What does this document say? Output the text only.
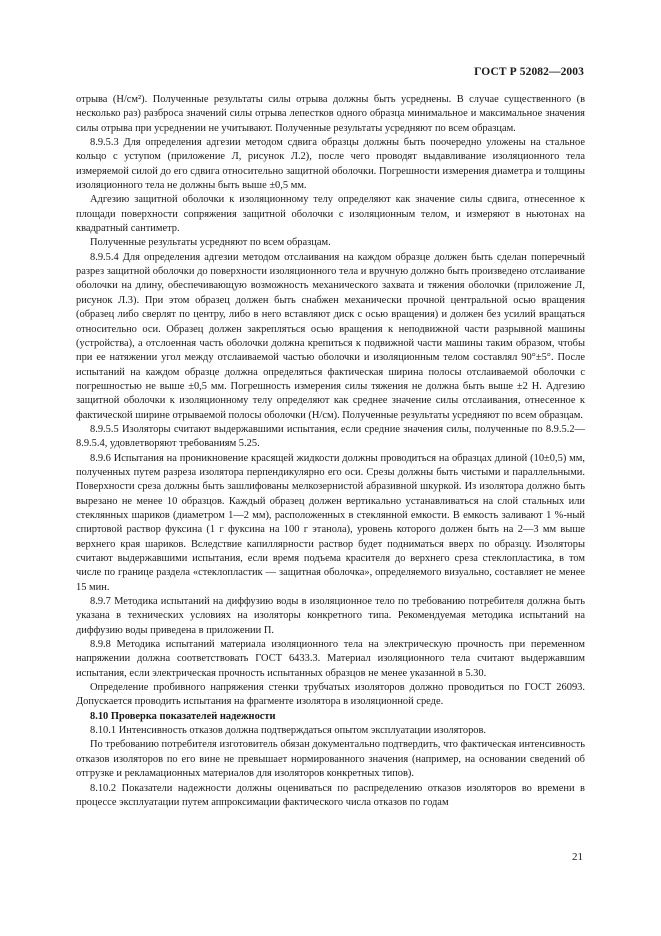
ГОСТ Р 52082—2003

отрыва (Н/см²). Полученные результаты силы отрыва должны быть усреднены. В случае существенного (в несколько раз) разброса значений силы отрыва лепестков одного образца минимальное и максимальное значения силы отрыва при усреднении не учитывают. Полученные результаты усредняют по всем образцам.

8.9.5.3 Для определения адгезии методом сдвига образцы должны быть поочередно уложены на стальное кольцо с уступом (приложение Л, рисунок Л.2), после чего проводят выдавливание изоляционного тела измеряемой силой до его сдвига относительно защитной оболочки. Погрешности измерения диаметра и толщины изоляционного тела не должны быть выше ±0,5 мм.

Адгезию защитной оболочки к изоляционному телу определяют как значение силы сдвига, отнесенное к площади поверхности сопряжения защитной оболочки с изоляционным телом, и измеряют в ньютонах на квадратный сантиметр.

Полученные результаты усредняют по всем образцам.

8.9.5.4 Для определения адгезии методом отслаивания на каждом образце должен быть сделан поперечный разрез защитной оболочки до поверхности изоляционного тела и вручную должно быть произведено отслаивание оболочки на длину, обеспечивающую возможность механического захвата и тяжения оболочки (приложение Л, рисунок Л.3). При этом образец должен быть снабжен механически прочной центральной осью вращения (образец либо сверлят по центру, либо в него вставляют диск с осью вращения) и должен без усилий вращаться относительно оси. Образец должен закрепляться осью вращения к неподвижной части разрывной машины (устройства), а отслоенная часть оболочки должна крепиться к подвижной части машины таким образом, чтобы при ее натяжении угол между отслаиваемой частью оболочки и изоляционным телом составлял 90°±5°. После испытаний на каждом образце должна определяться фактическая ширина полосы отслаиваемой оболочки с погрешностью не выше ±0,5 мм. Погрешность измерения силы тяжения не должна быть выше ±2 Н. Адгезию защитной оболочки к изоляционному телу определяют как среднее значение силы отслаивания, отнесенное к фактической ширине отрываемой полосы оболочки (Н/см). Полученные результаты усредняют по всем образцам.

8.9.5.5 Изоляторы считают выдержавшими испытания, если средние значения силы, полученные по 8.9.5.2—8.9.5.4, удовлетворяют требованиям 5.25.

8.9.6 Испытания на проникновение красящей жидкости должны проводиться на образцах длиной (10±0,5) мм, полученных путем разреза изолятора перпендикулярно его оси. Срезы должны быть чистыми и параллельными. Поверхности среза должны быть зашлифованы мелкозернистой абразивной шкуркой. Из изолятора должно быть вырезано не менее 10 образцов. Каждый образец должен вертикально устанавливаться на слой стальных или стеклянных шариков (диаметром 1—2 мм), расположенных в стеклянной емкости. В емкость заливают 1 %-ный спиртовой раствор фуксина (1 г фуксина на 100 г этанола), уровень которого должен быть на 2—3 мм выше верхнего края шариков. Вследствие капиллярности раствор будет подниматься вверх по образцу. Изоляторы считают выдержавшими испытания, если время подъема красителя до верхнего среза стеклопластика, в том числе по границе раздела «стеклопластик — защитная оболочка», определяемого визуально, составляет не менее 15 мин.

8.9.7 Методика испытаний на диффузию воды в изоляционное тело по требованию потребителя должна быть указана в технических условиях на изоляторы конкретного типа. Рекомендуемая методика испытаний на диффузию воды приведена в приложении П.

8.9.8 Методика испытаний материала изоляционного тела на электрическую прочность при переменном напряжении должна соответствовать ГОСТ 6433.3. Материал изоляционного тела считают выдержавшим испытания, если электрическая прочность испытанных образцов не менее указанной в 5.30.

Определение пробивного напряжения стенки трубчатых изоляторов должно проводиться по ГОСТ 26093. Допускается проводить испытания на фрагменте изолятора в изоляционной среде.

8.10 Проверка показателей надежности

8.10.1 Интенсивность отказов должна подтверждаться опытом эксплуатации изоляторов.

По требованию потребителя изготовитель обязан документально подтвердить, что фактическая интенсивность отказов изоляторов по его вине не превышает нормированного значения (например, на основании сведений об отгрузке и рекламационных материалов для изоляторов конкретных типов).

8.10.2 Показатели надежности должны оцениваться по распределению отказов изоляторов во времени в процессе эксплуатации путем аппроксимации фактического числа отказов по годам

21
